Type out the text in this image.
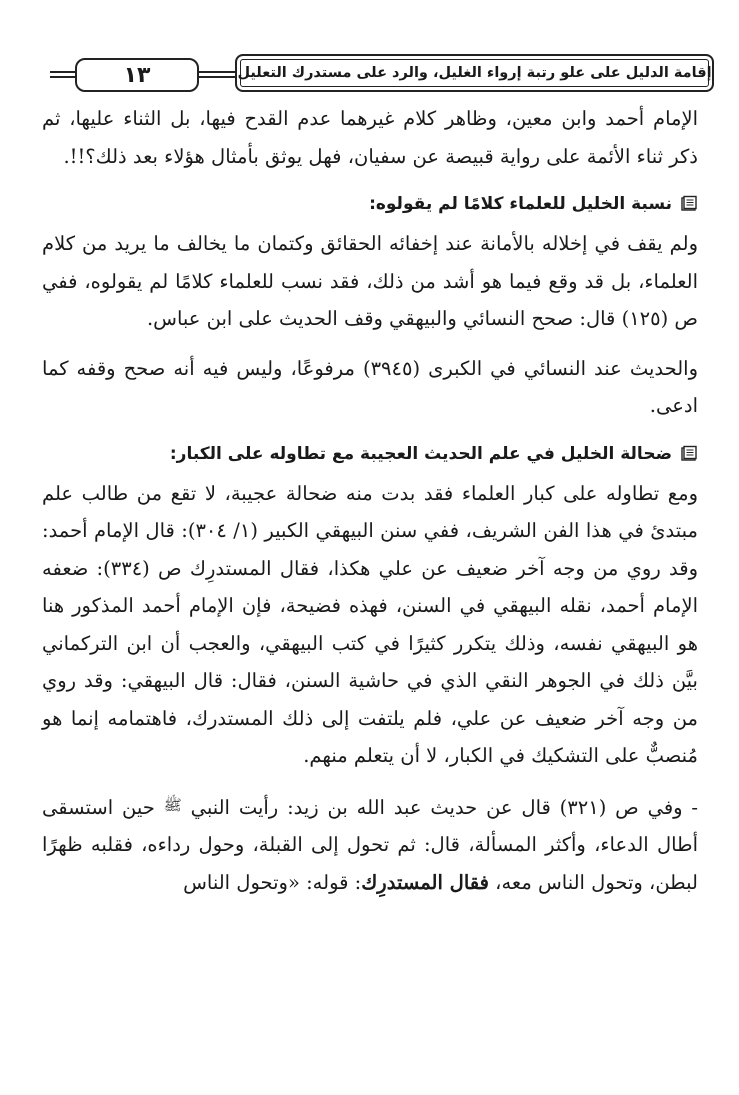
١٣	إقامة الدليل على علو رتبة إرواء الغليل، والرد على مستدرك التعليل

الإمام أحمد وابن معين، وظاهر كلام غيرهما عدم القدح فيها، بل الثناء عليها، ثم ذكر ثناء الأئمة على رواية قبيصة عن سفيان، فهل يوثق بأمثال هؤلاء بعد ذلك؟!!.

نسبة الخليل للعلماء كلامًا لم يقولوه:

ولم يقف في إخلاله بالأمانة عند إخفائه الحقائق وكتمان ما يخالف ما يريد من كلام العلماء، بل قد وقع فيما هو أشد من ذلك، فقد نسب للعلماء كلامًا لم يقولوه، ففي ص (١٢٥) قال: صحح النسائي والبيهقي وقف الحديث على ابن عباس.

والحديث عند النسائي في الكبرى (٣٩٤٥) مرفوعًا، وليس فيه أنه صحح وقفه كما ادعى.

ضحالة الخليل في علم الحديث العجيبة مع تطاوله على الكبار:

ومع تطاوله على كبار العلماء فقد بدت منه ضحالة عجيبة، لا تقع من طالب علم مبتدئ في هذا الفن الشريف، ففي سنن البيهقي الكبير (١/ ٣٠٤): قال الإمام أحمد: وقد روي من وجه آخر ضعيف عن علي هكذا، فقال المستدرِك ص (٣٣٤): ضعفه الإمام أحمد، نقله البيهقي في السنن، فهذه فضيحة، فإن الإمام أحمد المذكور هنا هو البيهقي نفسه، وذلك يتكرر كثيرًا في كتب البيهقي، والعجب أن ابن التركماني بيَّن ذلك في الجوهر النقي الذي في حاشية السنن، فقال: قال البيهقي: وقد روي من وجه آخر ضعيف عن علي، فلم يلتفت إلى ذلك المستدرك، فاهتمامه إنما هو مُنصبٌّ على التشكيك في الكبار، لا أن يتعلم منهم.

- وفي ص (٣٢١) قال عن حديث عبد الله بن زيد: رأيت النبي $^ﷺ$ حين استسقى أطال الدعاء، وأكثر المسألة، قال: ثم تحول إلى القبلة، وحول رداءه، فقلبه ظهرًا لبطن، وتحول الناس معه، فقال المستدرِك: قوله: «وتحول الناس
